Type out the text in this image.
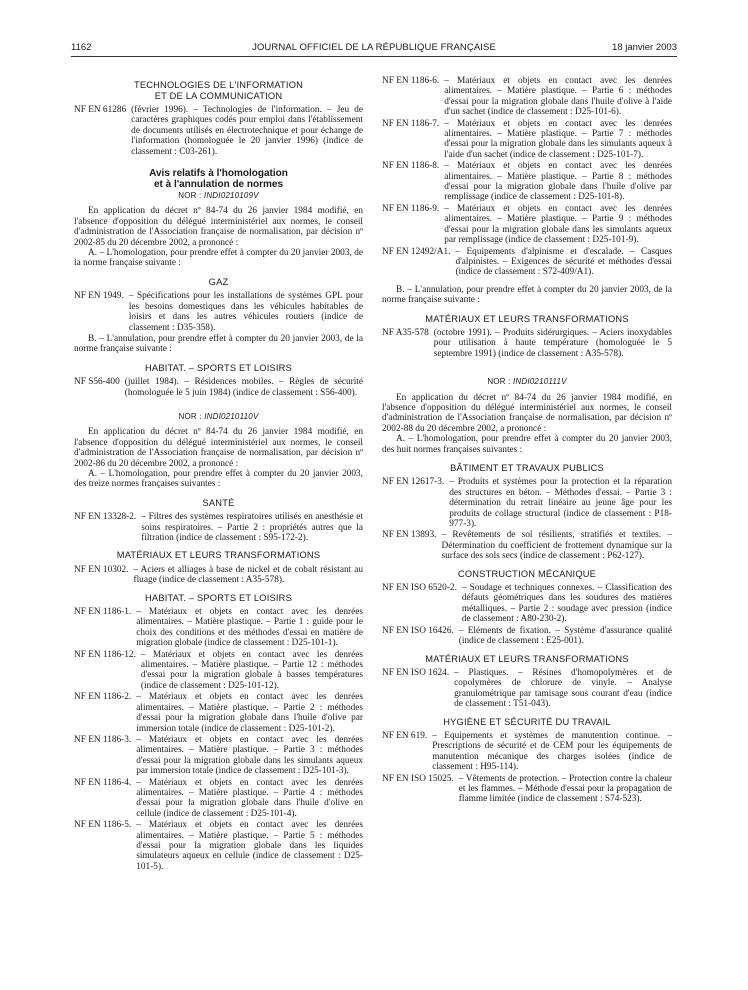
1162	JOURNAL OFFICIEL DE LA RÉPUBLIQUE FRANÇAISE	18 janvier 2003
TECHNOLOGIES DE L'INFORMATION
ET DE LA COMMUNICATION
NF EN 61286 (février 1996). – Technologies de l'information. – Jeu de caractères graphiques codés pour emploi dans l'établissement de documents utilisés en électrotechnique et pour échange de l'information (homologuée le 20 janvier 1996) (indice de classement : C03-261).

Avis relatifs à l'homologation

et à l'annulation de normes

NOR : INDI0210109V

En application du décret nº 84-74 du 26 janvier 1984 modifié, en l'absence d'opposition du délégué interministériel aux normes, le conseil d'administration de l'Association française de normalisation, par décision nº 2002-85 du 20 décembre 2002, a prononcé :

A. – L'homologation, pour prendre effet à compter du 20 janvier 2003, de la norme française suivante :

GAZ
NF EN 1949. – Spécifications pour les installations de systèmes GPL pour les besoins domestiques dans les véhicules habitables de loisirs et dans les autres véhicules routiers (indice de classement : D35-358).

B. – L'annulation, pour prendre effet à compter du 20 janvier 2003, de la norme française suivante :

HABITAT. – SPORTS ET LOISIRS
NF S56-400 (juillet 1984). – Résidences mobiles. – Règles de sécurité (homologuée le 5 juin 1984) (indice de classement : S56-400).
NOR : INDI0210110V

En application du décret nº 84-74 du 26 janvier 1984 modifié, en l'absence d'opposition du délégué interministériel aux normes, le conseil d'administration de l'Association française de normalisation, par décision nº 2002-86 du 20 décembre 2002, a prononcé :

A. – L'homologation, pour prendre effet à compter du 20 janvier 2003, des treize normes françaises suivantes :

SANTÉ
NF EN 13328-2. – Filtres des systèmes respiratoires utilisés en anesthésie et soins respiratoires. – Partie 2 : propriétés autres que la filtration (indice de classement : S95-172-2).
MATÉRIAUX ET LEURS TRANSFORMATIONS
NF EN 10302. – Aciers et alliages à base de nickel et de cobalt résistant au fluage (indice de classement : A35-578).
HABITAT. – SPORTS ET LOISIRS
NF EN 1186-1. – Matériaux et objets en contact avec les denrées alimentaires. – Matière plastique. – Partie 1 : guide pour le choix des conditions et des méthodes d'essai en matière de migration globale (indice de classement : D25-101-1).
NF EN 1186-12. – Matériaux et objets en contact avec les denrées alimentaires. – Matière plastique. – Partie 12 : méthodes d'essai pour la migration globale à basses températures (indice de classement : D25-101-12).
NF EN 1186-2. – Matériaux et objets en contact avec les denrées alimentaires. – Matière plastique. – Partie 2 : méthodes d'essai pour la migration globale dans l'huile d'olive par immersion totale (indice de classement : D25-101-2).
NF EN 1186-3. – Matériaux et objets en contact avec les denrées alimentaires. – Matière plastique. – Partie 3 : méthodes d'essai pour la migration globale dans les simulants aqueux par immersion totale (indice de classement : D25-101-3).
NF EN 1186-4. – Matériaux et objets en contact avec les denrées alimentaires. – Matière plastique. – Partie 4 : méthodes d'essai pour la migration globale dans l'huile d'olive en cellule (indice de classement : D25-101-4).
NF EN 1186-5. – Matériaux et objets en contact avec les denrées alimentaires. – Matière plastique. – Partie 5 : méthodes d'essai pour la migration globale dans les liquides simulateurs aqueux en cellule (indice de classement : D25-101-5).
NF EN 1186-6. – Matériaux et objets en contact avec les denrées alimentaires. – Matière plastique. – Partie 6 : méthodes d'essai pour la migration globale dans l'huile d'olive à l'aide d'un sachet (indice de classement : D25-101-6).
NF EN 1186-7. – Matériaux et objets en contact avec les denrées alimentaires. – Matière plastique. – Partie 7 : méthodes d'essai pour la migration globale dans les simulants aqueux à l'aide d'un sachet (indice de classement : D25-101-7).
NF EN 1186-8. – Matériaux et objets en contact avec les denrées alimentaires. – Matière plastique. – Partie 8 : méthodes d'essai pour la migration globale dans l'huile d'olive par remplissage (indice de classement : D25-101-8).
NF EN 1186-9. – Matériaux et objets en contact avec les denrées alimentaires. – Matière plastique. – Partie 9 : méthodes d'essai pour la migration globale dans les simulants aqueux par remplissage (indice de classement : D25-101-9).
NF EN 12492/A1. – Equipements d'alpinisme et d'escalade. – Casques d'alpinistes. – Exigences de sécurité et méthodes d'essai (indice de classement : S72-409/A1).

B. – L'annulation, pour prendre effet à compter du 20 janvier 2003, de la norme française suivante :

MATÉRIAUX ET LEURS TRANSFORMATIONS
NF A35-578 (octobre 1991). – Produits sidérurgiques. – Aciers inoxydables pour utilisation à haute température (homologuée le 5 septembre 1991) (indice de classement : A35-578).
NOR : INDI0210111V

En application du décret nº 84-74 du 26 janvier 1984 modifié, en l'absence d'opposition du délégué interministériel aux normes, le conseil d'administration de l'Association française de normalisation, par décision nº 2002-88 du 20 décembre 2002, a prononcé :

A. – L'homologation, pour prendre effet à compter du 20 janvier 2003, des huit normes françaises suivantes :

BÂTIMENT ET TRAVAUX PUBLICS
NF EN 12617-3. – Produits et systèmes pour la protection et la réparation des structures en béton. – Méthodes d'essai. – Partie 3 : détermination du retrait linéaire au jeune âge pour les produits de collage structural (indice de classement : P18-977-3).
NF EN 13893. – Revêtements de sol résilients, stratifiés et textiles. – Détermination du coefficient de frottement dynamique sur la surface des sols secs (indice de classement : P62-127).
CONSTRUCTION MÉCANIQUE
NF EN ISO 6520-2. – Soudage et techniques connexes. – Classification des défauts géométriques dans les soudures des matières métalliques. – Partie 2 : soudage avec pression (indice de classement : A80-230-2).
NF EN ISO 16426. – Eléments de fixation. – Système d'assurance qualité (indice de classement : E25-001).
MATÉRIAUX ET LEURS TRANSFORMATIONS
NF EN ISO 1624. – Plastiques. – Résines d'homopolymères et de copolymères de chlorure de vinyle. – Analyse granulométrique par tamisage sous courant d'eau (indice de classement : T51-043).
HYGIÈNE ET SÉCURITÉ DU TRAVAIL
NF EN 619. – Equipements et systèmes de manutention continue. – Prescriptions de sécurité et de CEM pour les équipements de manutention mécanique des charges isolées (indice de classement : H95-114).
NF EN ISO 15025. – Vêtements de protection. – Protection contre la chaleur et les flammes. – Méthode d'essai pour la propagation de flamme limitée (indice de classement : S74-523).
